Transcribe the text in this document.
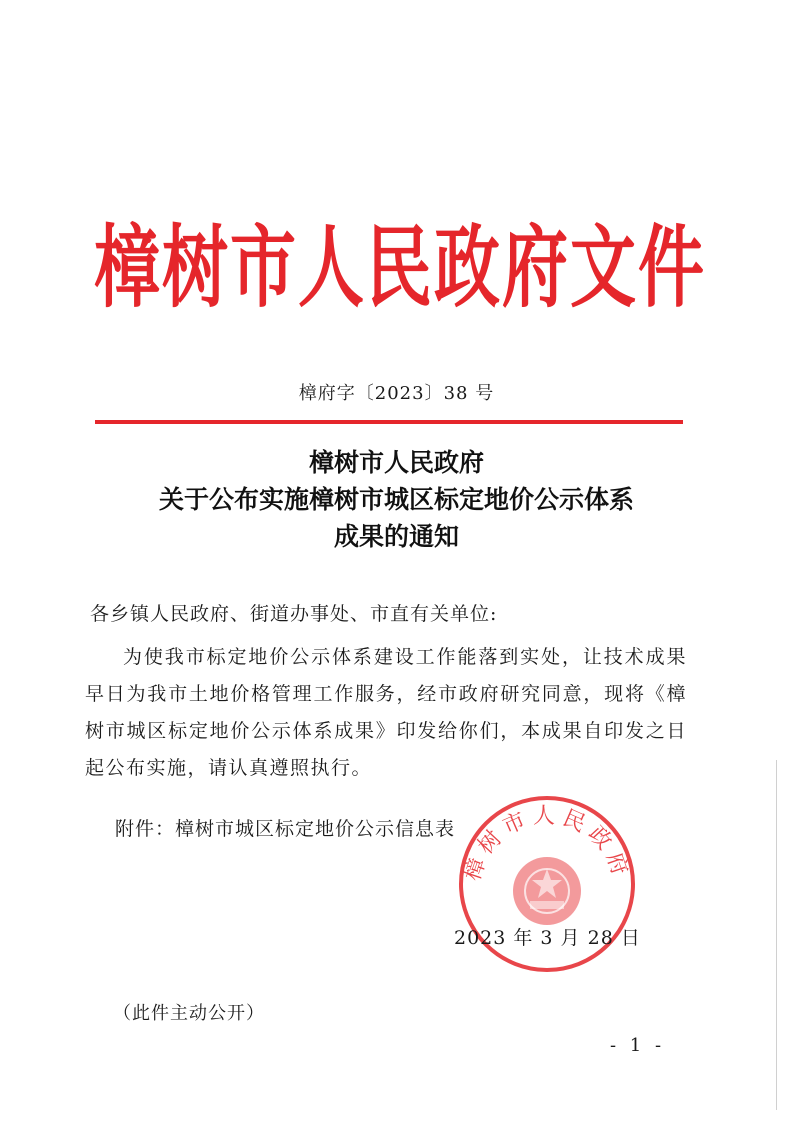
樟树市人民政府文件
樟府字〔2023〕38 号
樟树市人民政府
关于公布实施樟树市城区标定地价公示体系
成果的通知
各乡镇人民政府、街道办事处、市直有关单位:
为使我市标定地价公示体系建设工作能落到实处，让技术成果早日为我市土地价格管理工作服务，经市政府研究同意，现将《樟树市城区标定地价公示体系成果》印发给你们，本成果自印发之日起公布实施，请认真遵照执行。
附件：樟树市城区标定地价公示信息表
樟树市人民政府
2023 年 3 月 28 日
（此件主动公开）
- 1 -
